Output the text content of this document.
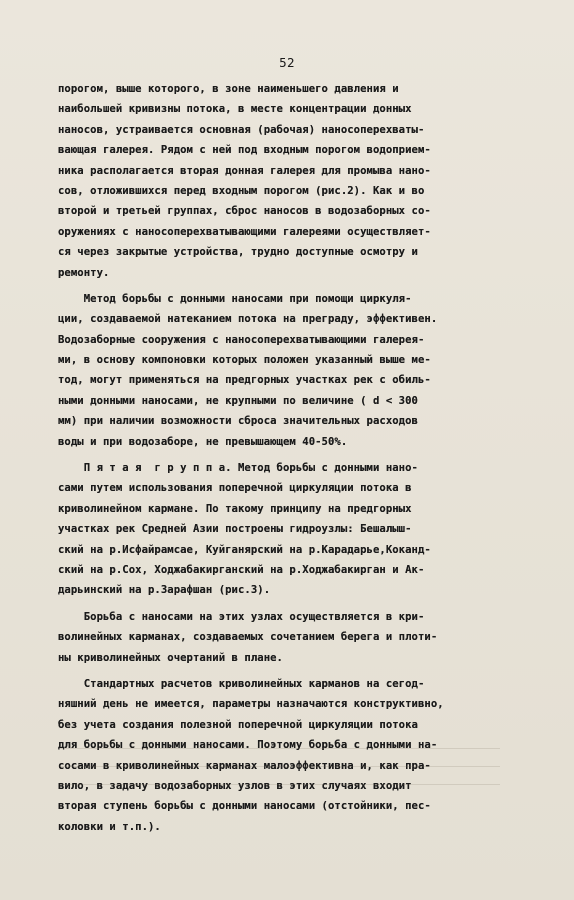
52
порогом, выше которого, в зоне наименьшего давления и
наибольшей кривизны потока, в месте концентрации донных
наносов, устраивается основная (рабочая) наноcоперехваты-
вающая галерея. Рядом с ней под входным порогом водоприем-
ника располагается вторая донная галерея для промыва нано-
сов, отложившихся перед входным порогом (рис.2). Как и во
второй и третьей группах, сброс наносов в водозаборных со-
оружениях с наноcоперехватывающими галереями осуществляет-
ся через закрытые устройства, трудно доступные осмотру и
ремонту.
Метод борьбы с донными наносами при помощи циркуля-
ции, создаваемой натеканием потока на преграду, эффективен.
Водозаборные сооружения с наноcоперехватывающими галерея-
ми, в основу компоновки которых положен указанный выше ме-
тод, могут применяться на предгорных участках рек с обиль-
ными донными наносами, не крупными по величине ( d < 300
мм) при наличии возможности сброса значительных расходов
воды и при водозаборе, не превышающем 40-50%.
П я т а я  г р у п п а. Метод борьбы с донными нано-
сами путем использования поперечной циркуляции потока в
криволинейном кармане. По такому принципу на предгорных
участках рек Средней Азии построены гидроузлы: Бешалыш-
ский на р.Исфайрамсае, Куйганярский на р.Карадарье,Коканд-
ский на р.Сох, Ходжабакирганский на р.Ходжабакирган и Ак-
дарьинский на р.Зарафшан (рис.3).
Борьба с наносами на этих узлах осуществляется в кри-
волинейных карманах, создаваемых сочетанием берега и плоти-
ны криволинейных очертаний в плане.
Стандартных расчетов криволинейных карманов на сегод-
няшний день не имеется, параметры назначаются конструктивно,
без учета создания полезной поперечной циркуляции потока
для борьбы с донными наносами. Поэтому борьба с донными на-
сосами в криволинейных карманах малоэффективна и, как пра-
вило, в задачу водозаборных узлов в этих случаях входит
вторая ступень борьбы с донными наносами (отстойники, пес-
коловки и т.п.).
